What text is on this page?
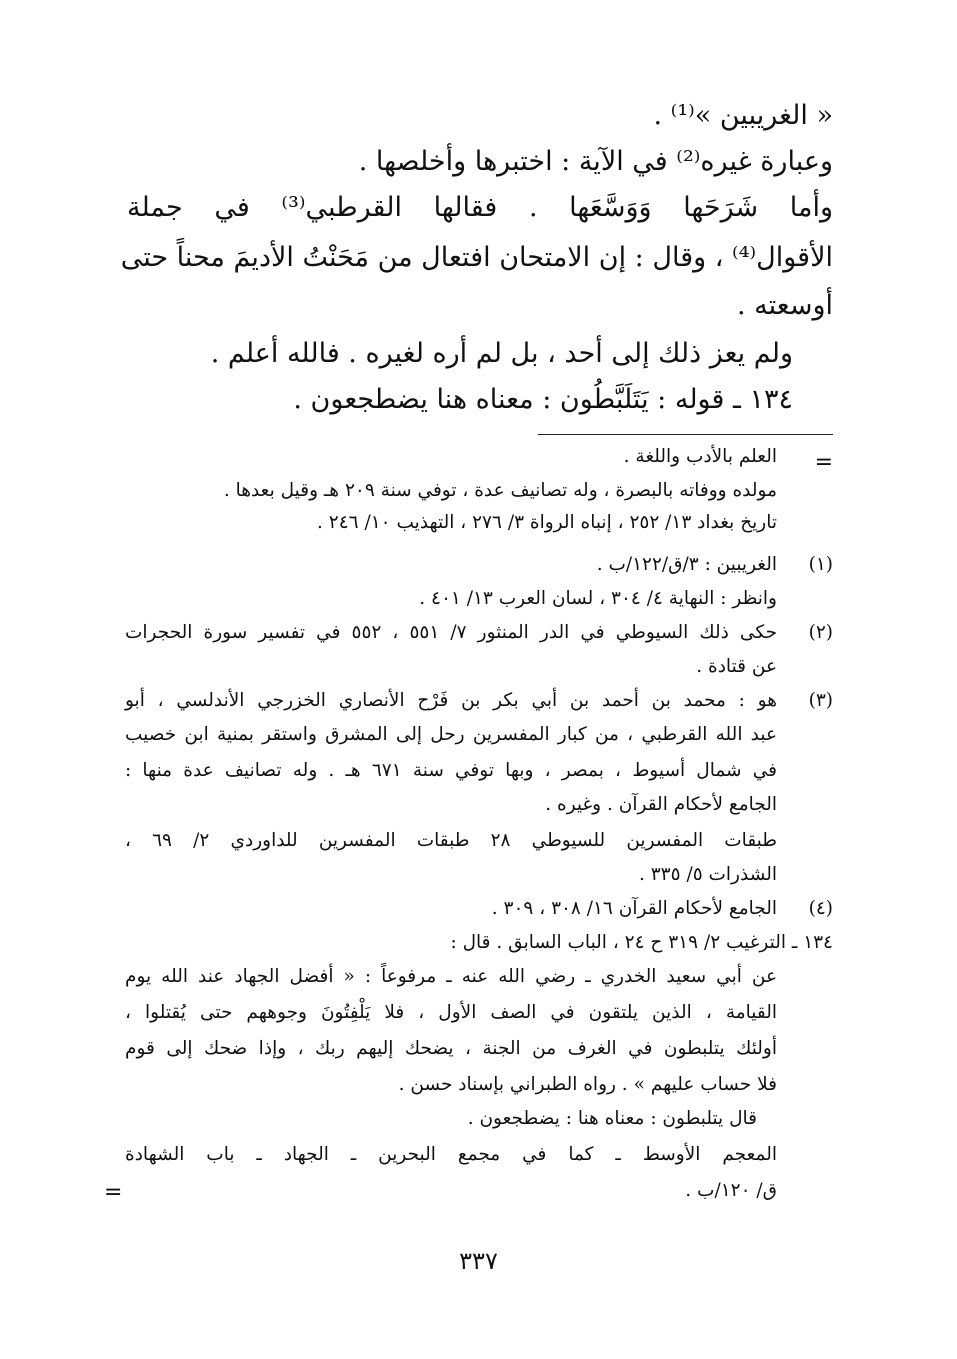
« الغريبين »⁽¹⁾ .
وعبارة غيره⁽²⁾ في الآية : اختبرها وأخلصها .
وأما شَرَحَها وَوَسَّعَها . فقالها القرطبي⁽³⁾ في جملة
الأقوال⁽⁴⁾ ، وقال : إن الامتحان افتعال من مَحَنْتُ الأديمَ محناً حتى
أوسعته .
ولم يعز ذلك إلى أحد ، بل لم أره لغيره . فالله أعلم .
١٣٤ ـ قوله : يَتَلَبَّطُون : معناه هنا يضطجعون .
=
العلم بالأدب واللغة .
مولده ووفاته بالبصرة ، وله تصانيف عدة ، توفي سنة ٢٠٩ هـ وقيل بعدها .
تاريخ بغداد ١٣/ ٢٥٢ ، إنباه الرواة ٣/ ٢٧٦ ، التهذيب ١٠/ ٢٤٦ .
(١)
الغريبين : ٣/ق/١٢٢/ب .
وانظر : النهاية ٤/ ٣٠٤ ، لسان العرب ١٣/ ٤٠١ .
(٢)
حكى ذلك السيوطي في الدر المنثور ٧/ ٥٥١ ، ٥٥٢ في تفسير سورة الحجرات
عن قتادة .
(٣)
هو : محمد بن أحمد بن أبي بكر بن فَرْح الأنصاري الخزرجي الأندلسي ، أبو
عبد الله القرطبي ، من كبار المفسرين رحل إلى المشرق واستقر بمنية ابن خصيب
في شمال أسيوط ، بمصر ، وبها توفي سنة ٦٧١ هـ . وله تصانيف عدة منها :
الجامع لأحكام القرآن . وغيره .
طبقات المفسرين للسيوطي ٢٨ طبقات المفسرين للداوردي ٢/ ٦٩ ،
الشذرات ٥/ ٣٣٥ .
(٤)
الجامع لأحكام القرآن ١٦/ ٣٠٨ ، ٣٠٩ .
١٣٤ ـ الترغيب ٢/ ٣١٩ ح ٢٤ ، الباب السابق . قال :
عن أبي سعيد الخدري ـ رضي الله عنه ـ مرفوعاً : « أفضل الجهاد عند الله يوم
القيامة ، الذين يلتقون في الصف الأول ، فلا يَلْفِتُونَ وجوههم حتى يُقتلوا ،
أولئك يتلبطون في الغرف من الجنة ، يضحك إليهم ربك ، وإذا ضحك إلى قوم
فلا حساب عليهم » . رواه الطبراني بإسناد حسن .
قال يتلبطون : معناه هنا : يضطجعون .
المعجم الأوسط ـ كما في مجمع البحرين ـ الجهاد ـ باب الشهادة
ق/ ١٢٠/ب .
=
٣٣٧
